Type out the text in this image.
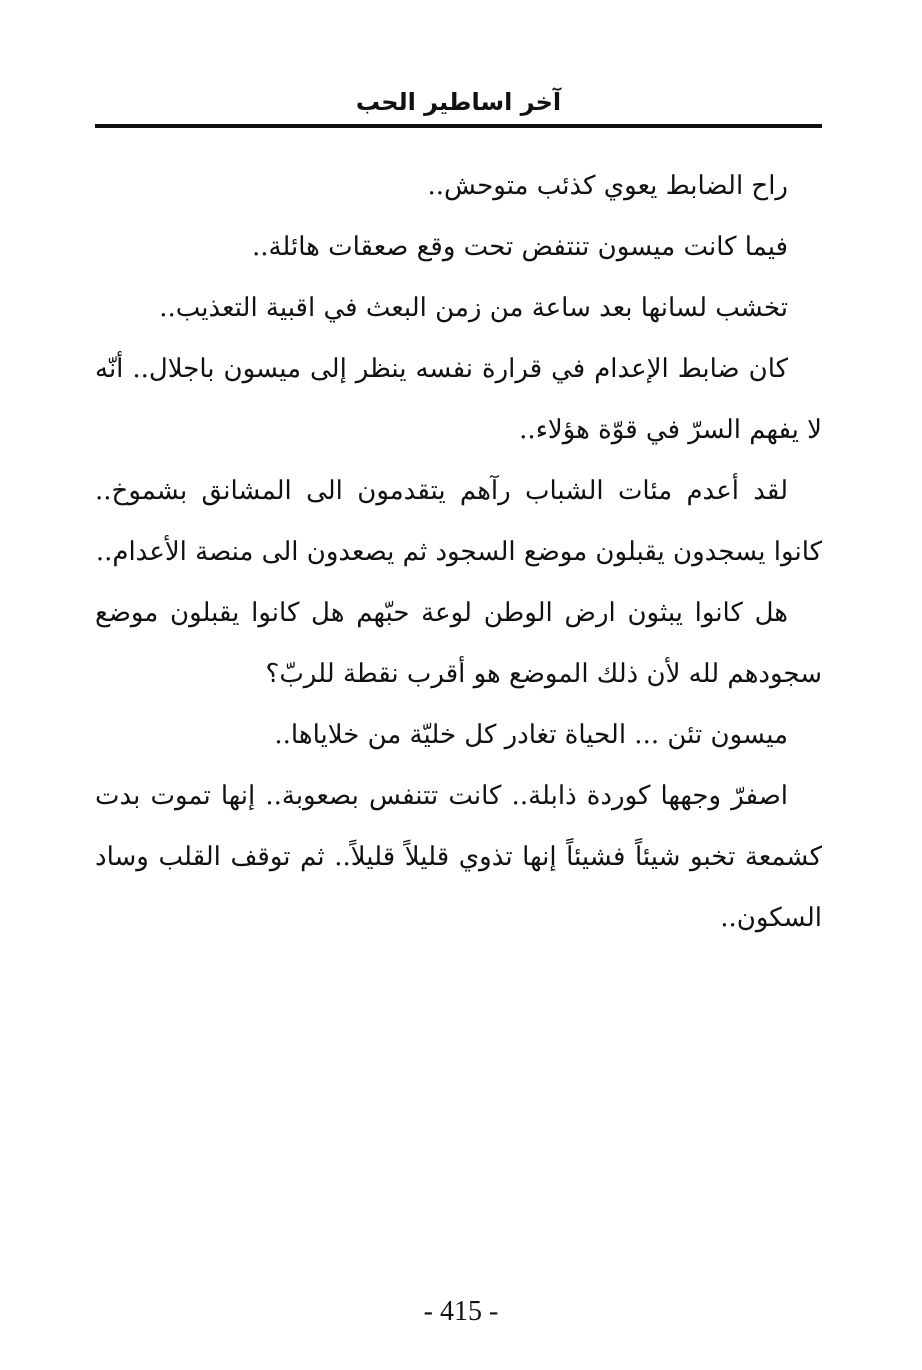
آخر اساطير الحب

راح الضابط يعوي كذئب متوحش..

فيما كانت ميسون تنتفض تحت وقع صعقات هائلة..

تخشب لسانها بعد ساعة من زمن البعث في اقبية التعذيب..

كان ضابط الإعدام في قرارة نفسه ينظر إلى ميسون باجلال.. أنّه لا يفهم السرّ في قوّة هؤلاء..

لقد أعدم مئات الشباب رآهم يتقدمون الى المشانق بشموخ.. كانوا يسجدون يقبلون موضع السجود ثم يصعدون الى منصة الأعدام..

هل كانوا يبثون ارض الوطن لوعة حبّهم هل كانوا يقبلون موضع سجودهم لله لأن ذلك الموضع هو أقرب نقطة للربّ؟

ميسون تئن ... الحياة تغادر كل خليّة من خلاياها..

اصفرّ وجهها كوردة ذابلة.. كانت تتنفس بصعوبة.. إنها تموت بدت كشمعة تخبو شيئاً فشيئاً إنها تذوي قليلاً قليلاً.. ثم توقف القلب وساد السكون..

- 415 -
